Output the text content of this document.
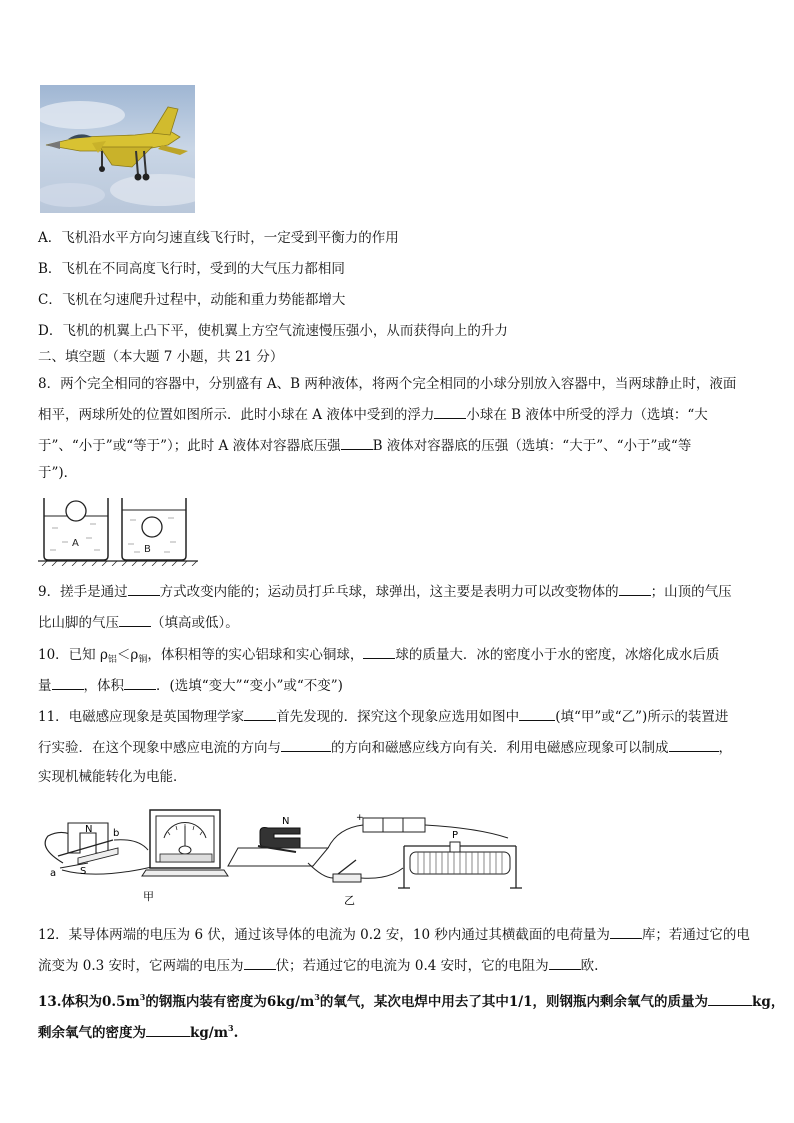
A．飞机沿水平方向匀速直线飞行时，一定受到平衡力的作用
B．飞机在不同高度飞行时，受到的大气压力都相同
C．飞机在匀速爬升过程中，动能和重力势能都增大
D．飞机的机翼上凸下平，使机翼上方空气流速慢压强小，从而获得向上的升力
二、填空题（本大题 7 小题，共 21 分）
8．两个完全相同的容器中，分别盛有 A、B 两种液体，将两个完全相同的小球分别放入容器中，当两球静止时，液面
相平，两球所处的位置如图所示．此时小球在 A 液体中受到的浮力 小球在 B 液体中所受的浮力（选填：“大
于”、“小于”或“等于”）；此时 A 液体对容器底压强 B 液体对容器底的压强（选填：“大于”、“小于”或“等
于”)．
A
B
9．搓手是通过 方式改变内能的；运动员打乒乓球，球弹出，这主要是表明力可以改变物体的 ；山顶的气压
比山脚的气压 （填高或低）。
10．已知 $\rho_铝<\rho_铜$，体积相等的实心铝球和实心铜球， 球的质量大．冰的密度小于水的密度，冰熔化成水后质
量 ，体积 ．(选填“变大”“变小”或“不变”)
11．电磁感应现象是英国物理学家 首先发现的．探究这个现象应选用如图中	(填“甲”或“乙”)所示的装置进
行实验．在这个现象中感应电流的方向与	的方向和磁感应线方向有关．利用电磁感应现象可以制成	，
实现机械能转化为电能．
N b
a S
甲
N	+
乙
P
12．某导体两端的电压为 6 伏，通过该导体的电流为 0.2 安，10 秒内通过其横截面的电荷量为 库；若通过它的电
流变为 0.3 安时，它两端的电压为 伏；若通过它的电流为 0.4 安时，它的电阻为 欧.
13.体积为$0.5m^3$的钢瓶内装有密度为$6kg/m^3$的氧气，某次电焊中用去了其中1/1，则钢瓶内剩余氧气的质量为	kg，
剩余氧气的密度为	$kg/m^3$.
